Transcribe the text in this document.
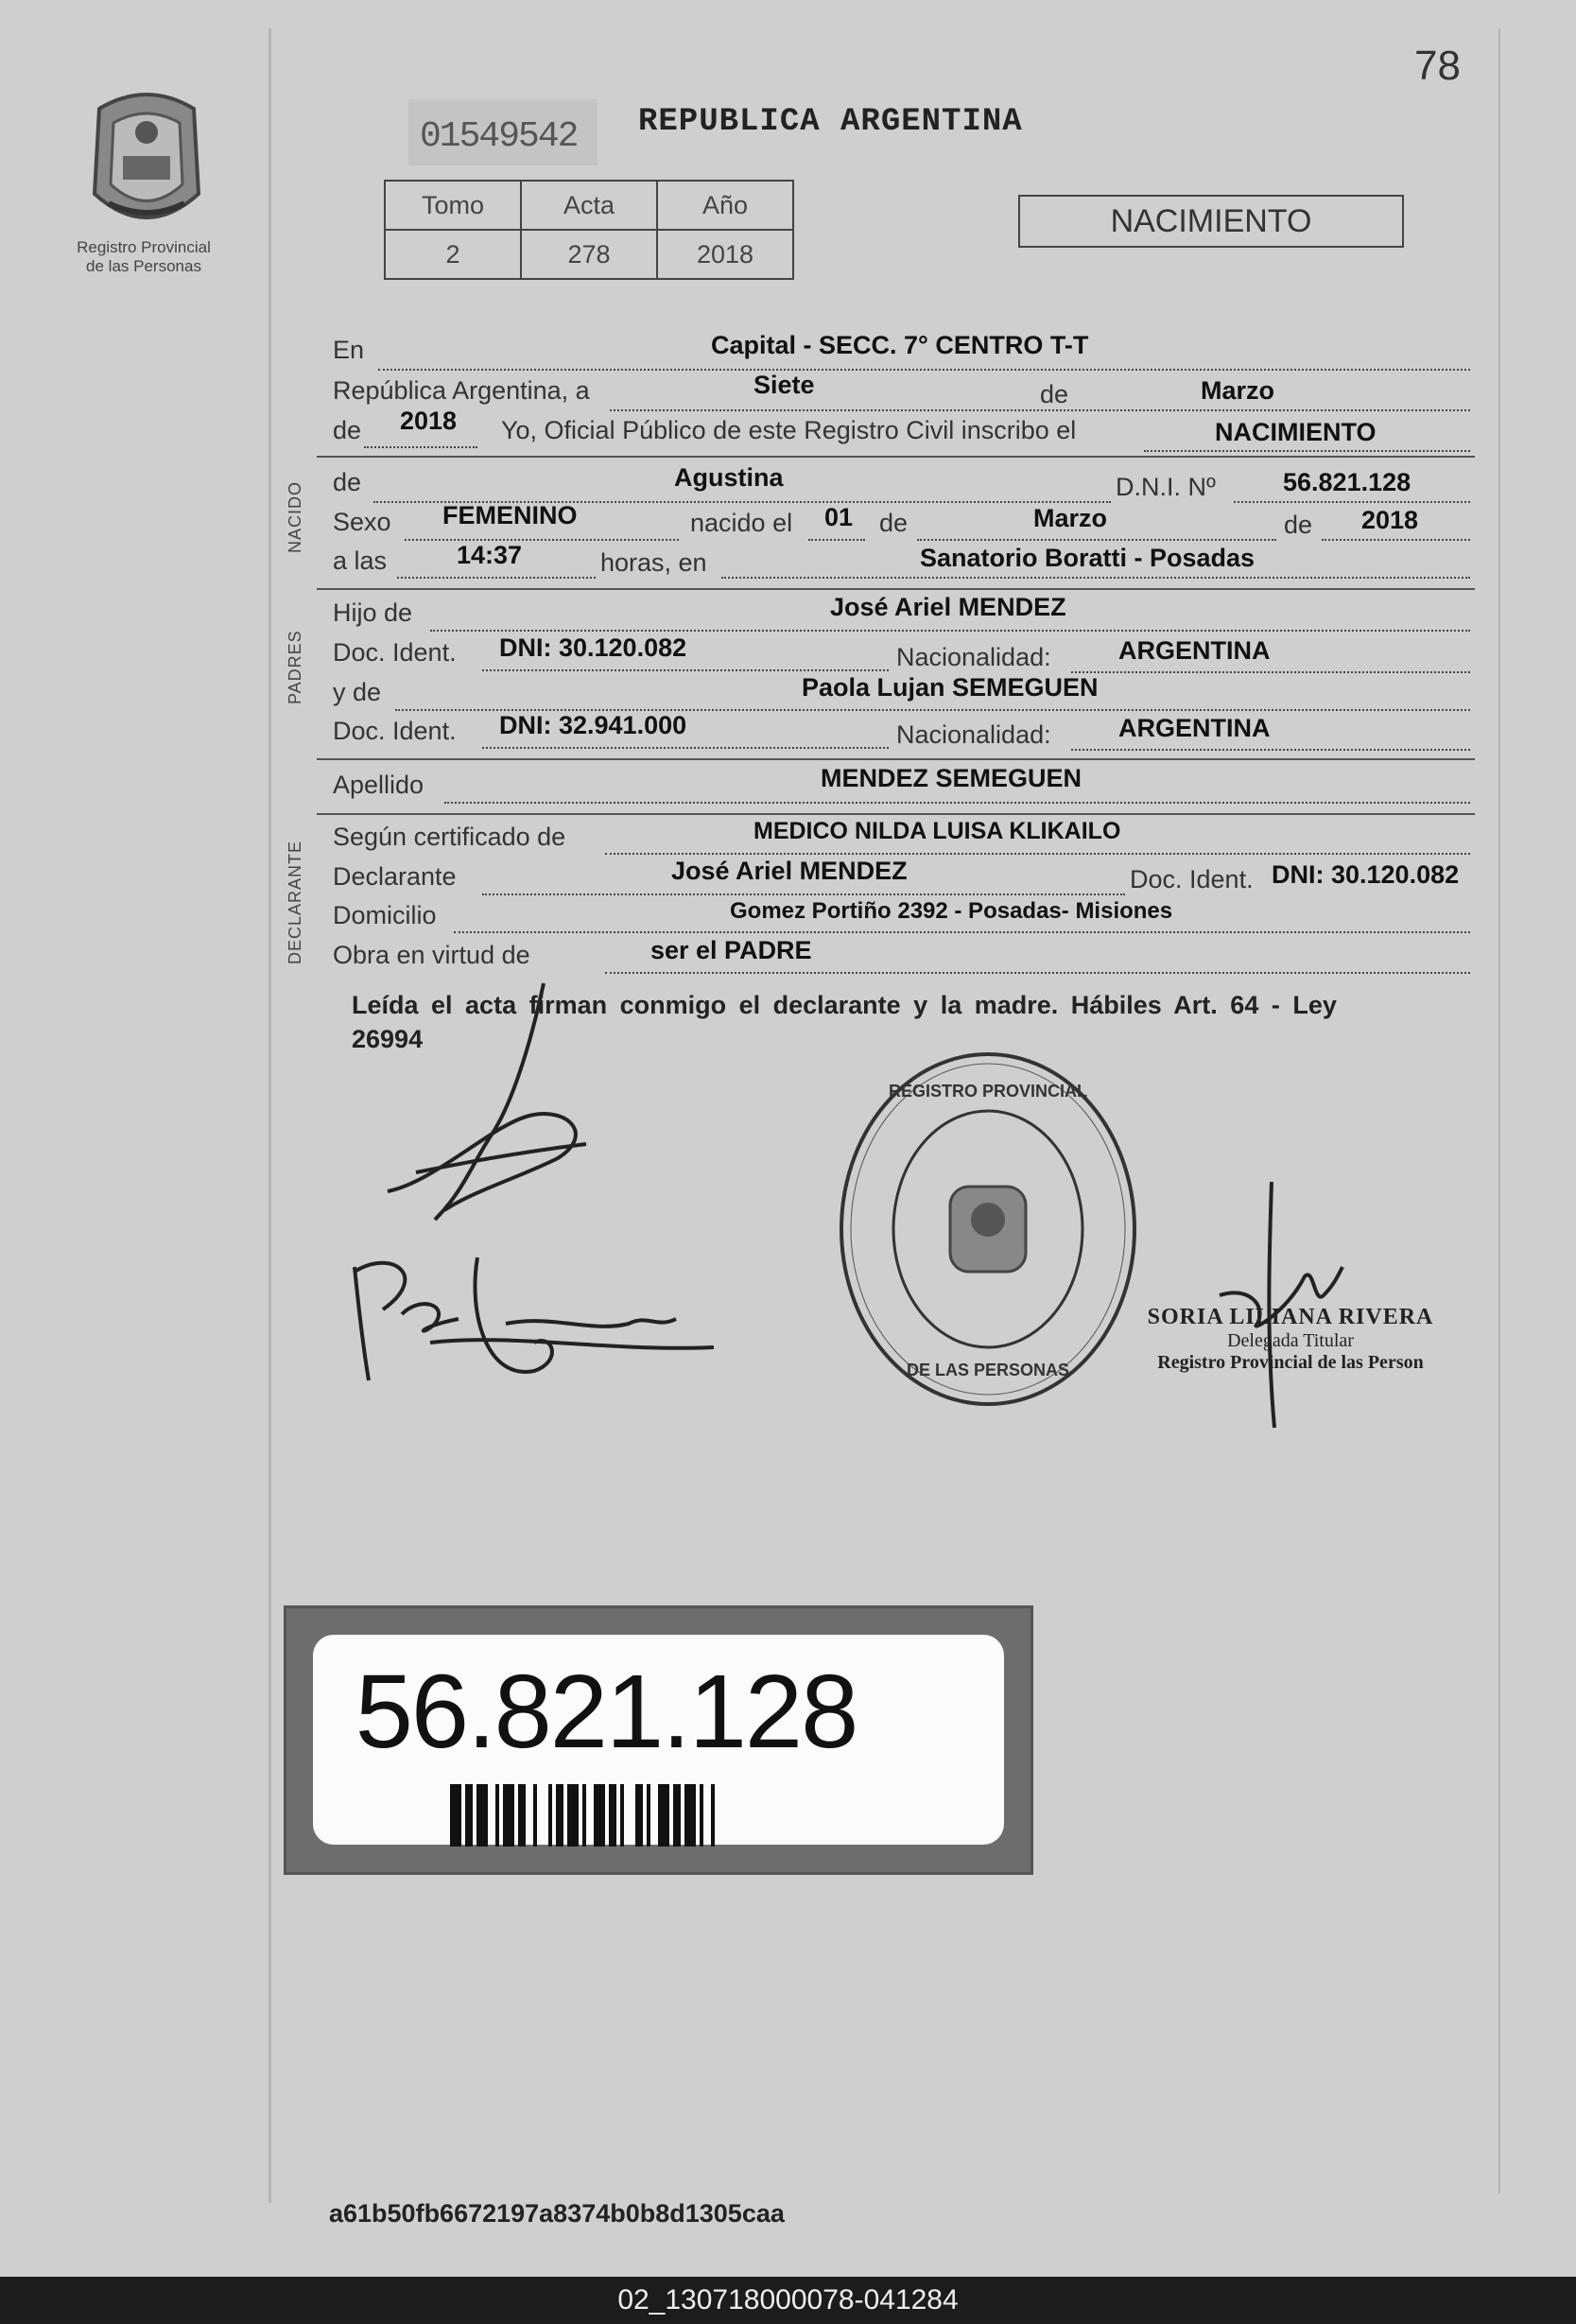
78
Registro Provincial
de las Personas
01549542	REPUBLICA ARGENTINA
Tomo	Acta	Año
2	278	2018
NACIMIENTO
En	Capital - SECC. 7° CENTRO T-T
República Argentina, a	Siete	de	Marzo
de 2018 Yo, Oficial Público de este Registro Civil inscribo el	NACIMIENTO
NACIDO de	Agustina	D.N.I. Nº	56.821.128
Sexo FEMENINO	nacido el 01 de	Marzo	de 2018
a las	14:37	horas, en	Sanatorio Boratti - Posadas
PADRES
Hijo de	José Ariel MENDEZ
Doc. Ident. DNI: 30.120.082	Nacionalidad:	ARGENTINA
y de	Paola Lujan SEMEGUEN
Doc. Ident. DNI: 32.941.000	Nacionalidad:	ARGENTINA
Apellido	MENDEZ SEMEGUEN
DECLARANTE
Según certificado de	MEDICO NILDA LUISA KLIKAILO
Declarante	José Ariel MENDEZ	Doc. Ident. DNI: 30.120.082
Domicilio	Gomez Portiño 2392 - Posadas- Misiones
Obra en virtud de	ser el PADRE
Leída el acta firman conmigo el declarante y la madre. Hábiles Art. 64 - Ley
26994
REGISTRO PROVINCIAL
DE LAS PERSONAS
SORIA LILIANA RIVERA
Delegada Titular
Registro Provincial de las Person
56.821.128
a61b50fb6672197a8374b0b8d1305caa
02_130718000078-041284
